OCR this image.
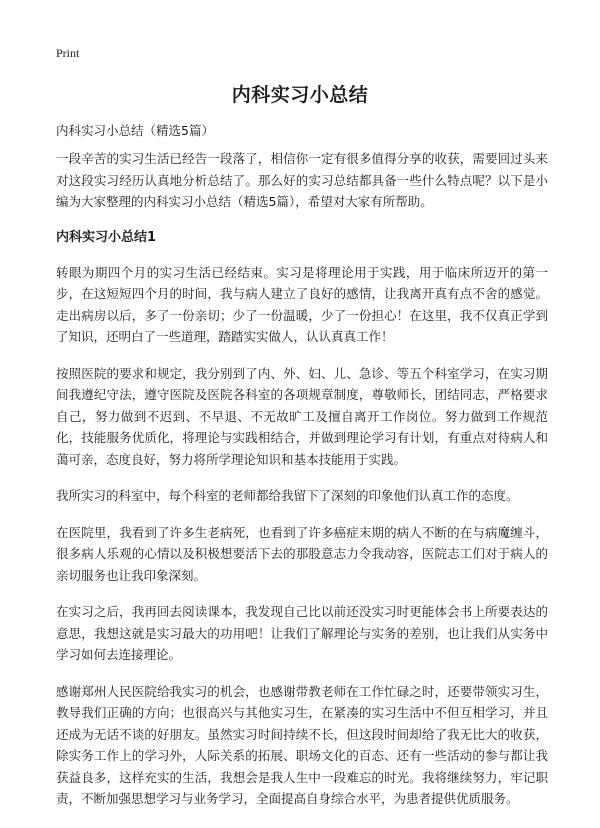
Print
内科实习小总结
内科实习小总结（精选5篇）

一段辛苦的实习生活已经告一段落了，相信你一定有很多值得分享的收获，需要回过头来对这段实习经历认真地分析总结了。那么好的实习总结都具备一些什么特点呢？以下是小编为大家整理的内科实习小总结（精选5篇），希望对大家有所帮助。

内科实习小总结1

转眼为期四个月的实习生活已经结束。实习是将理论用于实践，用于临床所迈开的第一步，在这短短四个月的时间，我与病人建立了良好的感情，让我离开真有点不舍的感觉。走出病房以后，多了一份亲切；少了一份温暖，少了一份担心！在这里，我不仅真正学到了知识，还明白了一些道理，踏踏实实做人，认认真真工作！

按照医院的要求和规定，我分别到了内、外、妇、儿、急诊、等五个科室学习，在实习期间我遵纪守法，遵守医院及医院各科室的各项规章制度，尊敬师长，团结同志，严格要求自己，努力做到不迟到、不早退、不无故旷工及擅自离开工作岗位。努力做到工作规范化，技能服务优质化，将理论与实践相结合，并做到理论学习有计划，有重点对待病人和蔼可亲，态度良好，努力将所学理论知识和基本技能用于实践。

我所实习的科室中，每个科室的老师都给我留下了深刻的印象他们认真工作的态度。

在医院里，我看到了许多生老病死，也看到了许多癌症末期的病人不断的在与病魔缠斗，很多病人乐观的心情以及积极想要活下去的那股意志力令我动容，医院志工们对于病人的亲切服务也让我印象深刻。

在实习之后，我再回去阅读课本，我发现自己比以前还没实习时更能体会书上所要表达的意思，我想这就是实习最大的功用吧！让我们了解理论与实务的差别，也让我们从实务中学习如何去连接理论。

感谢郑州人民医院给我实习的机会，也感谢带教老师在工作忙碌之时，还要带领实习生，教导我们正确的方向；也很高兴与其他实习生，在紧凑的实习生活中不但互相学习，并且还成为无话不谈的好朋友。虽然实习时间持续不长，但这段时间却给了我无比大的收获，除实务工作上的学习外，人际关系的拓展、职场文化的百态、还有一些活动的参与都让我获益良多，这样充实的生活，我想会是我人生中一段难忘的时光。我将继续努力，牢记职责，不断加强思想学习与业务学习，全面提高自身综合水平，为患者提供优质服务。
